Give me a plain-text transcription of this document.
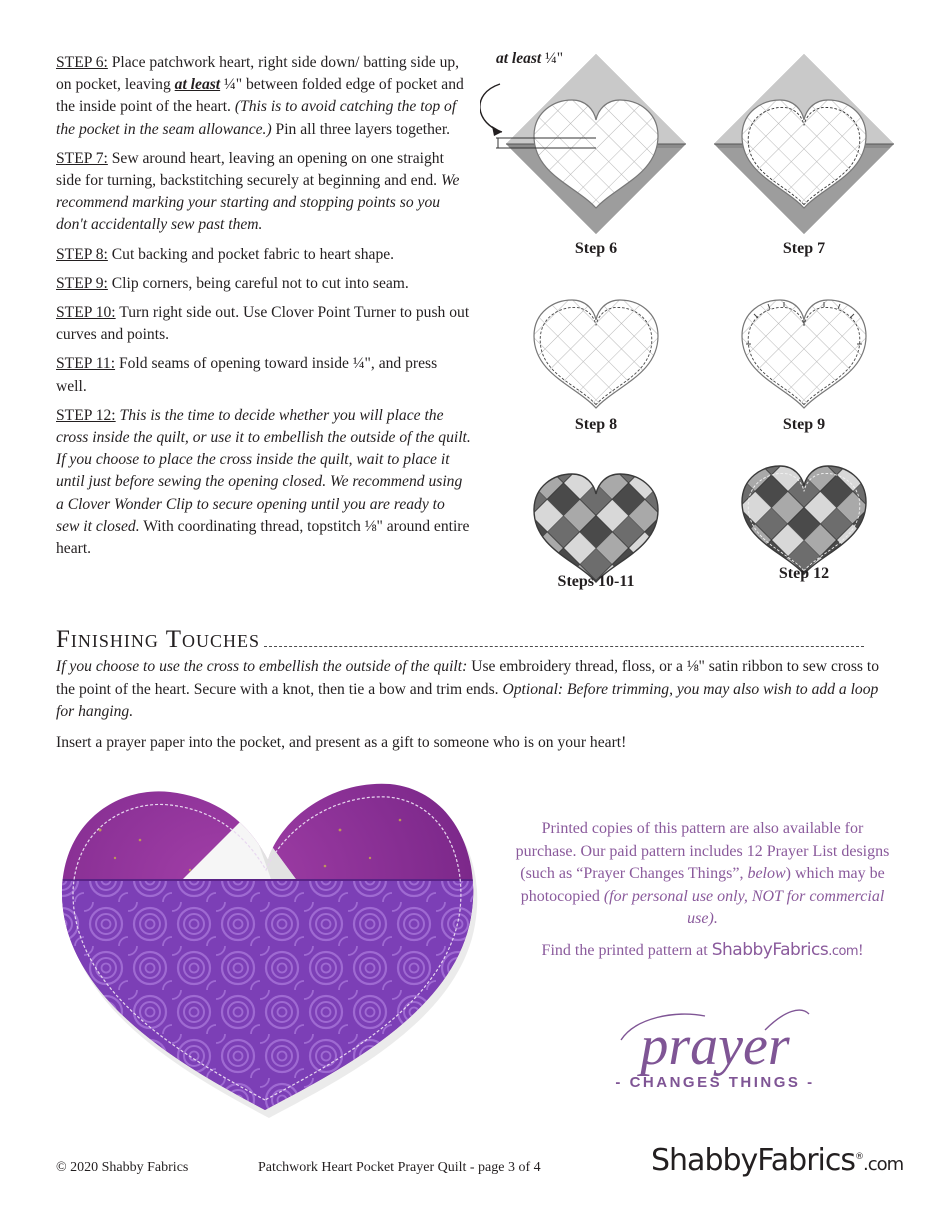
STEP 6: Place patchwork heart, right side down/ batting side up, on pocket, leaving at least ¼" between folded edge of pocket and the inside point of the heart. (This is to avoid catching the top of the pocket in the seam allowance.) Pin all three layers together.

STEP 7: Sew around heart, leaving an opening on one straight side for turning, backstitching securely at beginning and end. We recommend marking your starting and stopping points so you don't accidentally sew past them.

STEP 8: Cut backing and pocket fabric to heart shape.

STEP 9: Clip corners, being careful not to cut into seam.

STEP 10: Turn right side out. Use Clover Point Turner to push out curves and points.

STEP 11: Fold seams of opening toward inside ¼", and press well.

STEP 12: This is the time to decide whether you will place the cross inside the quilt, or use it to embellish the outside of the quilt. If you choose to place the cross inside the quilt, wait to place it until just before sewing the opening closed. We recommend using a Clover Wonder Clip to secure opening until you are ready to sew it closed. With coordinating thread, topstitch ⅛" around entire heart.

at least ¼"
Step 6	Step 7
Step 8	Step 9
Steps 10-11	Step 12
Finishing Touches

If you choose to use the cross to embellish the outside of the quilt: Use embroidery thread, floss, or a ⅛" satin ribbon to sew cross to the point of the heart. Secure with a knot, then tie a bow and trim ends. Optional: Before trimming, you may also wish to add a loop for hanging.

Insert a prayer paper into the pocket, and present as a gift to someone who is on your heart!

Printed copies of this pattern are also available for purchase. Our paid pattern includes 12 Prayer List designs (such as “Prayer Changes Things”, below) which may be photocopied (for personal use only, NOT for commercial use).

Find the printed pattern at ShabbyFabrics.com!

prayer
- CHANGES THINGS -
© 2020 Shabby Fabrics	Patchwork Heart Pocket Prayer Quilt - page 3 of 4	ShabbyFabrics®.com
